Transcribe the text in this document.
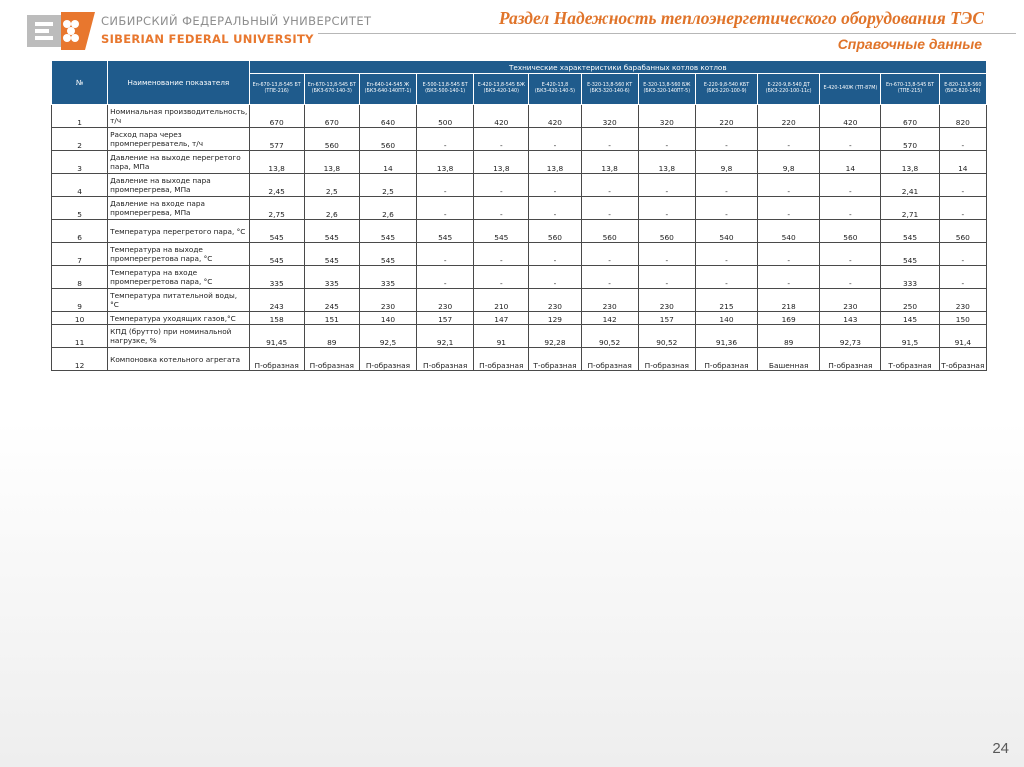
СИБИРСКИЙ ФЕДЕРАЛЬНЫЙ УНИВЕРСИТЕТ
SIBERIAN FEDERAL UNIVERSITY
Раздел Надежность теплоэнергетического оборудования ТЭС
Справочные данные
№	Наименование показателя	Технические характеристики барабанных котлов котлов												
		Еп-670-13,8-545 БТ (ТПЕ-216)	Еп-670-13,8-545 БТ (БКЗ-670-140-3)	Еп-640-14-545 Ж (БКЗ-640-140ПТ-1)	Е-500-13,8-545 БТ (БКЗ-500-140-1)	Е-420-13,8-545 БЖ (БКЗ-420-140)	Е-420-13,8 (БКЗ-420-140-5)	Е-320-13,8-560 КТ (БКЗ-320-140-6)	Е-320-13,8-560 БЖ (БКЗ-320-140ПТ-5)	Е-220-9,8-540 КБТ (БКЗ-220-100-9)	Е-220-9,8-540 ДТ (БКЗ-220-100-11с)	Е-420-140Ж (ТП-87М)	Еп-670-13,8-545 БТ (ТПЕ-215)	Е-820-13,8-560 (БКЗ-820-140)
1	Номинальная производительность, т/ч	670	670	640	500	420	420	320	320	220	220	420	670	820
2	Расход пара через промперегреватель, т/ч	577	560	560	-	-	-	-	-	-	-	-	570	-
3	Давление на выходе перегретого пара, МПа	13,8	13,8	14	13,8	13,8	13,8	13,8	13,8	9,8	9,8	14	13,8	14
4	Давление на выходе пара промперегрева, МПа	2,45	2,5	2,5	-	-	-	-	-	-	-	-	2,41	-
5	Давление на входе пара промперегрева, МПа	2,75	2,6	2,6	-	-	-	-	-	-	-	-	2,71	-
6	Температура перегретого пара, °С	545	545	545	545	545	560	560	560	540	540	560	545	560
7	Температура на выходе промперегретова пара, °С	545	545	545	-	-	-	-	-	-	-	-	545	-
8	Температура на входе промперегретова пара, °С	335	335	335	-	-	-	-	-	-	-	-	333	-
9	Температура питательной воды, °С	243	245	230	230	210	230	230	230	215	218	230	250	230
10	Температура уходящих газов,°С	158	151	140	157	147	129	142	157	140	169	143	145	150
11	КПД (брутто) при номинальной нагрузке, %	91,45	89	92,5	92,1	91	92,28	90,52	90,52	91,36	89	92,73	91,5	91,4
12	Компоновка котельного агрегата	П-образная	П-образная	П-образная	П-образная	П-образная	Т-образная	П-образная	П-образная	П-образная	Башенная	П-образная	Т-образная	Т-образная
24
